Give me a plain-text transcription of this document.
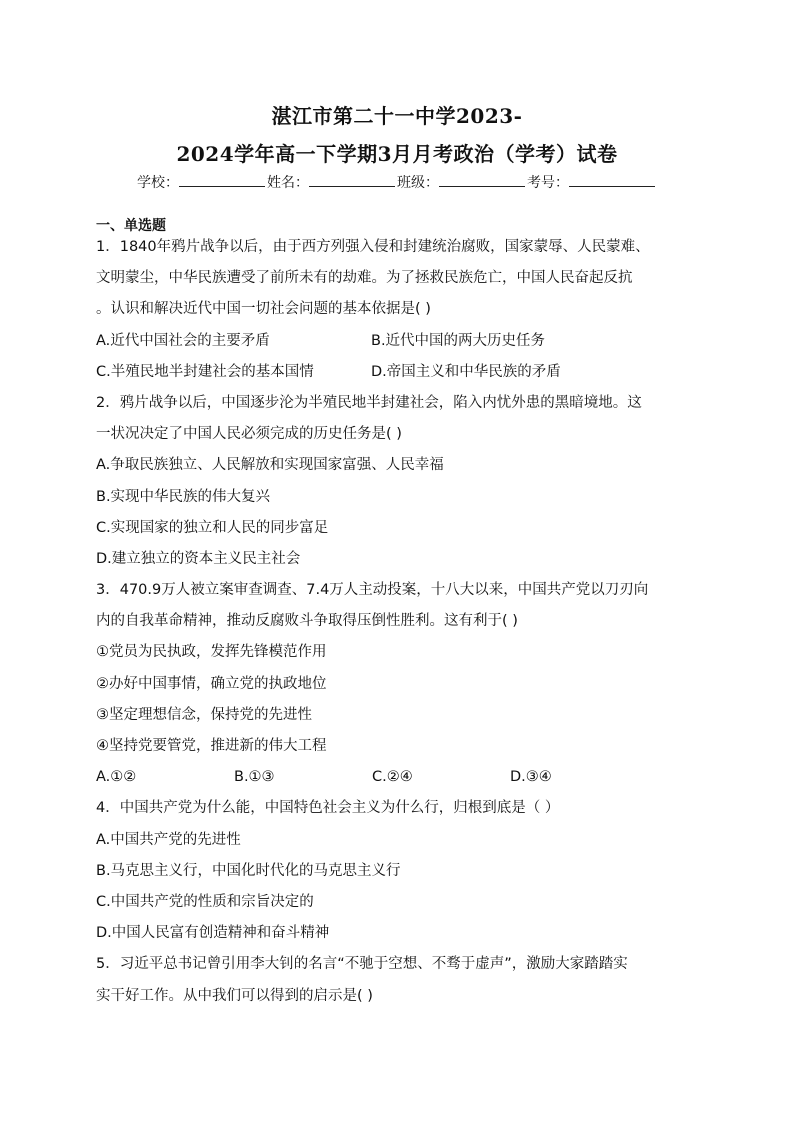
湛江市第二十一中学2023-
2024学年高一下学期3月月考政治（学考）试卷
学校：	姓名：	班级：	考号：
一、单选题
1．1840年鸦片战争以后，由于西方列强入侵和封建统治腐败，国家蒙辱、人民蒙难、
文明蒙尘，中华民族遭受了前所未有的劫难。为了拯救民族危亡，中国人民奋起反抗
。认识和解决近代中国一切社会问题的基本依据是( )
A.近代中国社会的主要矛盾	B.近代中国的两大历史任务
C.半殖民地半封建社会的基本国情	D.帝国主义和中华民族的矛盾
2．鸦片战争以后，中国逐步沦为半殖民地半封建社会，陷入内忧外患的黑暗境地。这
一状况决定了中国人民必须完成的历史任务是( )
A.争取民族独立、人民解放和实现国家富强、人民幸福
B.实现中华民族的伟大复兴
C.实现国家的独立和人民的同步富足
D.建立独立的资本主义民主社会
3．470.9万人被立案审查调查、7.4万人主动投案，十八大以来，中国共产党以刀刃向
内的自我革命精神，推动反腐败斗争取得压倒性胜利。这有利于( )
①党员为民执政，发挥先锋模范作用
②办好中国事情，确立党的执政地位
③坚定理想信念，保持党的先进性
④坚持党要管党，推进新的伟大工程
A.①②	B.①③	C.②④	D.③④
4．中国共产党为什么能，中国特色社会主义为什么行，归根到底是（ ）
A.中国共产党的先进性
B.马克思主义行，中国化时代化的马克思主义行
C.中国共产党的性质和宗旨决定的
D.中国人民富有创造精神和奋斗精神
5．习近平总书记曾引用李大钊的名言“不驰于空想、不骛于虚声”，激励大家踏踏实
实干好工作。从中我们可以得到的启示是( )
